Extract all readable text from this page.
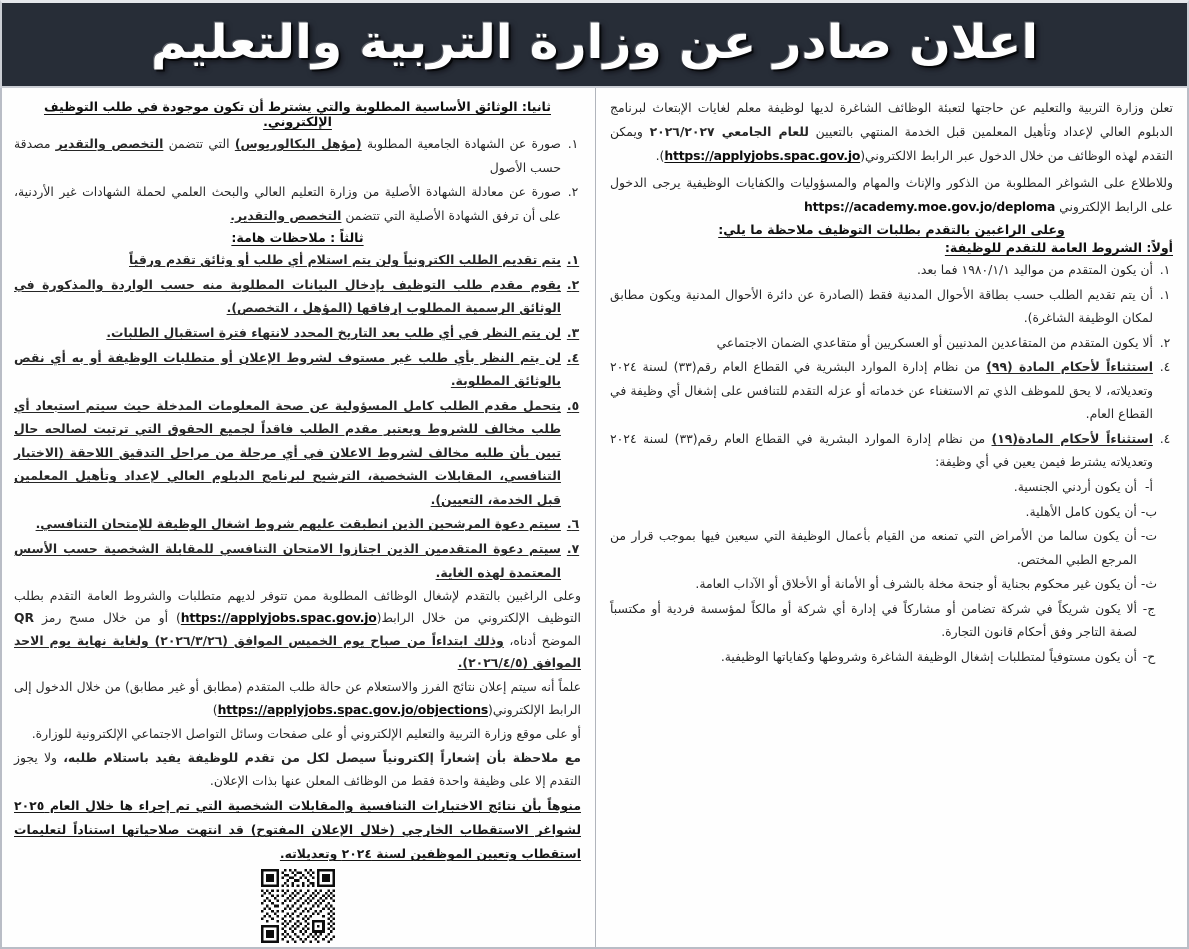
اعلان صادر عن وزارة التربية والتعليم

تعلن وزارة التربية والتعليم عن حاجتها لتعبئة الوظائف الشاغرة لديها لوظيفة معلم لغايات الإبتعاث لبرنامج الدبلوم العالي لإعداد وتأهيل المعلمين قبل الخدمة المنتهي بالتعيين للعام الجامعي ٢٠٢٦/٢٠٢٧ ويمكن التقدم لهذه الوظائف من خلال الدخول عبر الرابط الالكتروني(https://applyjobs.spac.gov.jo).

وللاطلاع على الشواغر المطلوبة من الذكور والإناث والمهام والمسؤوليات والكفايات الوظيفية يرجى الدخول على الرابط الإلكتروني https://academy.moe.gov.jo/deploma

وعلى الراغبين بالتقدم بطلبات التوظيف ملاحظة ما يلي:
أولاً: الشروط العامة للتقدم للوظيفة:
١.
أن يكون المتقدم من مواليد ١٩٨٠/١/١ فما بعد.
١.
أن يتم تقديم الطلب حسب بطاقة الأحوال المدنية فقط (الصادرة عن دائرة الأحوال المدنية ويكون مطابق لمكان الوظيفة الشاغرة).
٢.
ألا يكون المتقدم من المتقاعدين المدنيين أو العسكريين أو متقاعدي الضمان الاجتماعي
٤.
استثناءاً لأحكام المادة (٩٩) من نظام إدارة الموارد البشرية في القطاع العام رقم(٣٣) لسنة ٢٠٢٤ وتعديلاته، لا يحق للموظف الذي تم الاستغناء عن خدماته أو عزله التقدم للتنافس على إشغال أي وظيفة في القطاع العام.
٤.
استثناءاً لأحكام المادة(١٩) من نظام إدارة الموارد البشرية في القطاع العام رقم(٣٣) لسنة ٢٠٢٤ وتعديلاته يشترط فيمن يعين في أي وظيفة:
أ-
أن يكون أردني الجنسية.
ب-
أن يكون كامل الأهلية.
ت-
أن يكون سالما من الأمراض التي تمنعه من القيام بأعمال الوظيفة التي سيعين فيها بموجب قرار من المرجع الطبي المختص.
ث-
أن يكون غير محكوم بجناية أو جنحة مخلة بالشرف أو الأمانة أو الأخلاق أو الآداب العامة.
ج-
ألا يكون شريكاً في شركة تضامن أو مشاركاً في إدارة أي شركة أو مالكاً لمؤسسة فردية أو مكتسباً لصفة التاجر وفق أحكام قانون التجارة.
ح-
أن يكون مستوفياً لمتطلبات إشغال الوظيفة الشاغرة وشروطها وكفاياتها الوظيفية.
ثانيا: الوثائق الأساسية المطلوبة والتي يشترط أن تكون موجودة في طلب التوظيف الإلكتروني.
١.
صورة عن الشهادة الجامعية المطلوبة (مؤهل البكالوريوس) التي تتضمن التخصص والتقدير مصدقة حسب الأصول
٢.
صورة عن معادلة الشهادة الأصلية من وزارة التعليم العالي والبحث العلمي لحملة الشهادات غير الأردنية، على أن ترفق الشهادة الأصلية التي تتضمن التخصص والتقدير.
ثالثاً : ملاحظات هامة:
١.
يتم تقديم الطلب الكترونياً ولن يتم استلام أي طلب أو وثائق تقدم ورقياً
٢.
يقوم مقدم طلب التوظيف بإدخال البيانات المطلوبة منه حسب الواردة والمذكورة في الوثائق الرسمية المطلوب إرفاقها (المؤهل ، التخصص).
٣.
لن يتم النظر في أي طلب بعد التاريخ المحدد لانتهاء فترة استقبال الطلبات.
٤.
لن يتم النظر بأي طلب غير مستوف لشروط الإعلان أو متطلبات الوظيفة أو به أي نقص بالوثائق المطلوبة.
٥.
يتحمل مقدم الطلب كامل المسؤولية عن صحة المعلومات المدخلة حيث سيتم استبعاد أي طلب مخالف للشروط ويعتبر مقدم الطلب فاقداً لجميع الحقوق التي ترتبت لصالحه حال تبين بأن طلبه مخالف لشروط الاعلان في أي مرحلة من مراحل التدقيق اللاحقة (الاختبار التنافسي، المقابلات الشخصية، الترشيح لبرنامج الدبلوم العالي لإعداد وتأهيل المعلمين قبل الخدمة، التعيين).
٦.
سيتم دعوة المرشحين الذين انطبقت عليهم شروط اشغال الوظيفة للإمتحان التنافسي.
٧.
سيتم دعوة المتقدمين الذين اجتازوا الامتحان التنافسي للمقابلة الشخصية حسب الأسس المعتمدة لهذه الغاية.

وعلى الراغبين بالتقدم لإشغال الوظائف المطلوبة ممن تتوفر لديهم متطلبات والشروط العامة التقدم بطلب التوظيف الإلكتروني من خلال الرابط(https://applyjobs.spac.gov.jo) أو من خلال مسح رمز QR الموضح أدناه، وذلك ابتداءاً من صباح يوم الخميس الموافق (٢٠٢٦/٣/٢٦) ولغاية نهاية يوم الاحد الموافق (٢٠٢٦/٤/٥).

علماً أنه سيتم إعلان نتائج الفرز والاستعلام عن حالة طلب المتقدم (مطابق أو غير مطابق) من خلال الدخول إلى الرابط الإلكتروني(https://applyjobs.spac.gov.jo/objections)

أو على موقع وزارة التربية والتعليم الإلكتروني أو على صفحات وسائل التواصل الاجتماعي الإلكترونية للوزارة.

مع ملاحظة بأن إشعاراً إلكترونياً سيصل لكل من تقدم للوظيفة يفيد باستلام طلبه، ولا يجوز التقدم إلا على وظيفة واحدة فقط من الوظائف المعلن عنها بذات الإعلان.

منوهاً بأن نتائج الاختبارات التنافسية والمقابلات الشخصية التي تم إجراء ها خلال العام ٢٠٢٥ لشواغر الاستقطاب الخارجي (خلال الإعلان المفتوح) قد انتهت صلاحياتها استناداً لتعليمات استقطاب وتعيين الموظفين لسنة ٢٠٢٤ وتعديلاته.
